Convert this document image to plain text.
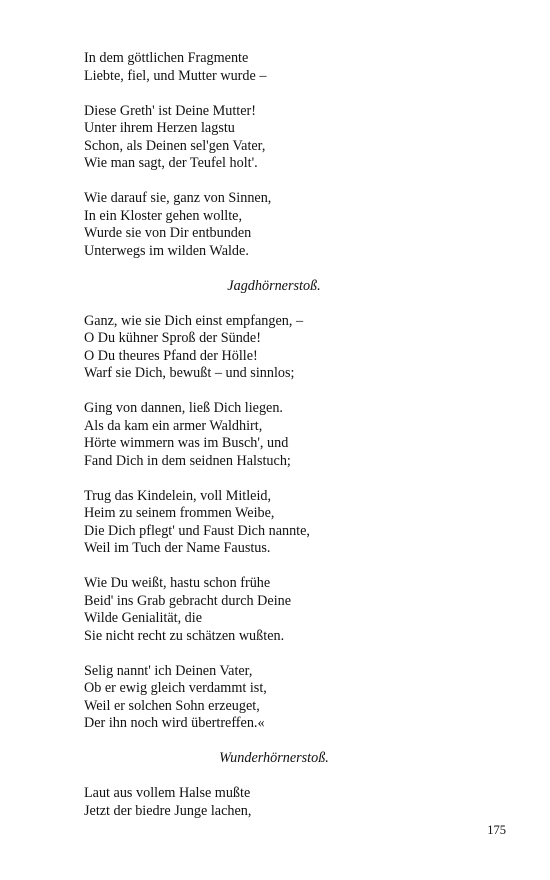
In dem göttlichen Fragmente
Liebte, fiel, und Mutter wurde –
Diese Greth' ist Deine Mutter!
Unter ihrem Herzen lagstu
Schon, als Deinen sel'gen Vater,
Wie man sagt, der Teufel holt'.
Wie darauf sie, ganz von Sinnen,
In ein Kloster gehen wollte,
Wurde sie von Dir entbunden
Unterwegs im wilden Walde.
Jagdhörnerstoß.
Ganz, wie sie Dich einst empfangen, –
O Du kühner Sproß der Sünde!
O Du theures Pfand der Hölle!
Warf sie Dich, bewußt – und sinnlos;
Ging von dannen, ließ Dich liegen.
Als da kam ein armer Waldhirt,
Hörte wimmern was im Busch', und
Fand Dich in dem seidnen Halstuch;
Trug das Kindelein, voll Mitleid,
Heim zu seinem frommen Weibe,
Die Dich pflegt' und Faust Dich nannte,
Weil im Tuch der Name Faustus.
Wie Du weißt, hastu schon frühe
Beid' ins Grab gebracht durch Deine
Wilde Genialität, die
Sie nicht recht zu schätzen wußten.
Selig nannt' ich Deinen Vater,
Ob er ewig gleich verdammt ist,
Weil er solchen Sohn erzeuget,
Der ihn noch wird übertreffen.«
Wunderhörnerstoß.
Laut aus vollem Halse mußte
Jetzt der biedre Junge lachen,
175
